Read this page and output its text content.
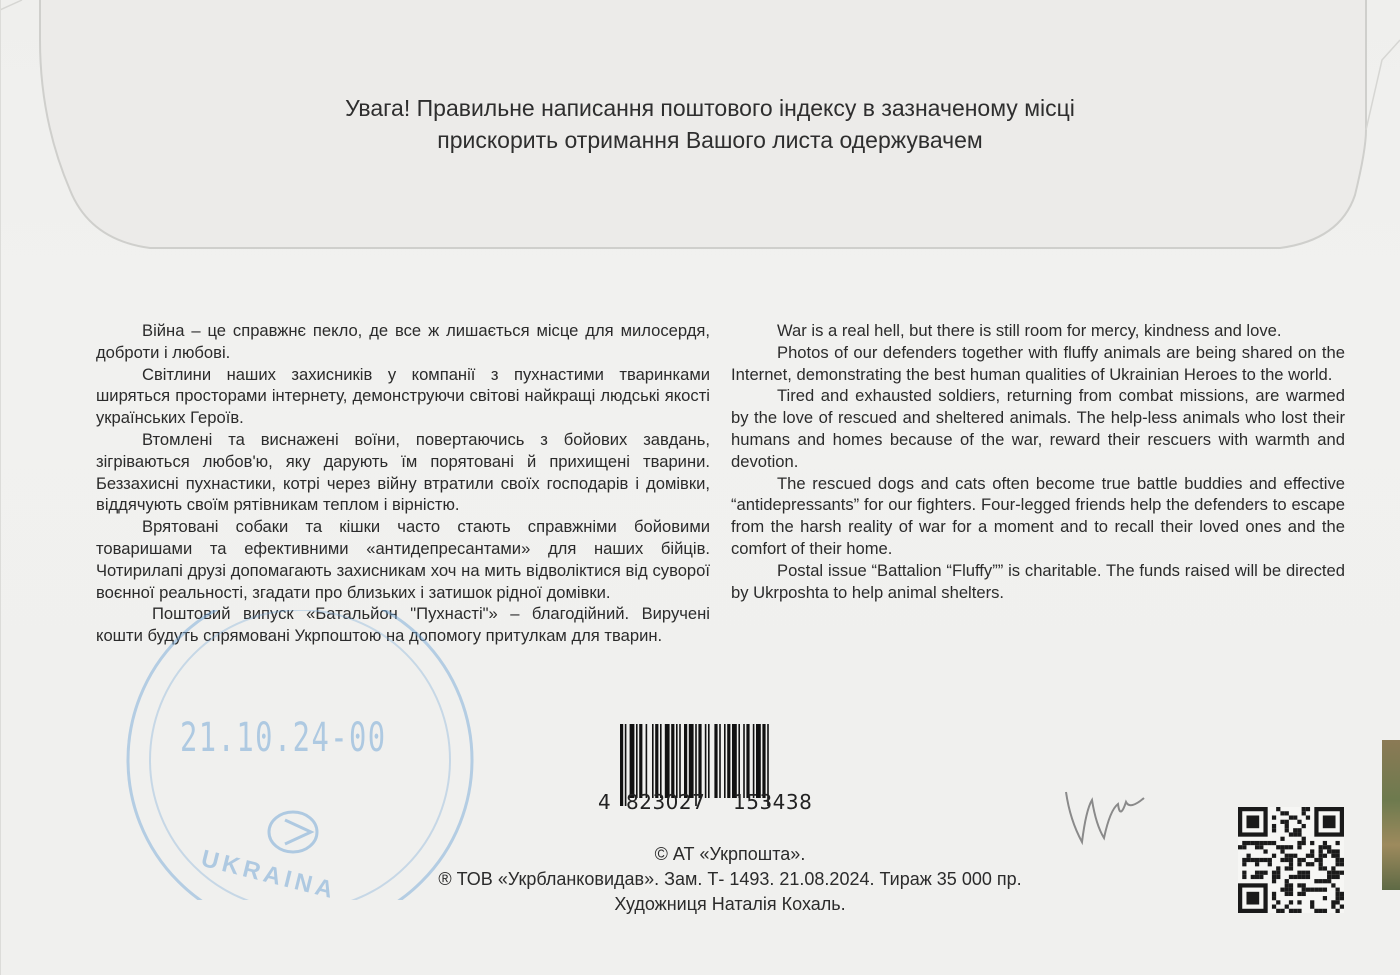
Увага! Правильне написання поштового індексу в зазначеному місці
прискорить отримання Вашого листа одержувачем

Війна – це справжнє пекло, де все ж лишається місце для милосердя, доброти і любові.

Світлини наших захисників у компанії з пухнастими тваринками ширяться просторами інтернету, демонструючи світові найкращі людські якості українських Героїв.

Втомлені та виснажені воїни, повертаючись з бойових завдань, зігріваються любов'ю, яку дарують їм порятовані й прихищені тварини. Беззахисні пухнастики, котрі через війну втратили своїх господарів і домівки, віддячують своїм рятівникам теплом і вірністю.

Врятовані собаки та кішки часто стають справжніми бойовими товаришами та ефективними «антидепресантами» для наших бійців. Чотирилапі друзі допомагають захисникам хоч на мить відволіктися від суворої воєнної реальності, згадати про близьких і затишок рідної домівки.

Поштовий випуск «Батальйон "Пухнасті"» – благодійний. Виручені кошти будуть спрямовані Укрпоштою на допомогу притулкам для тварин.

War is a real hell, but there is still room for mercy, kindness and love.

Photos of our defenders together with fluffy animals are being shared on the Internet, demonstrating the best human qualities of Ukrainian Heroes to the world.

Tired and exhausted soldiers, returning from combat missions, are warmed by the love of rescued and sheltered animals. The help-less animals who lost their humans and homes because of the war, reward their rescuers with warmth and devotion.

The rescued dogs and cats often become true battle buddies and effective “antidepressants” for our fighters. Four-legged friends help the defenders to escape from the harsh reality of war for a moment and to recall their loved ones and the comfort of their home.

Postal issue “Battalion “Fluffy”” is charitable. The funds raised will be directed by Ukrposhta to help animal shelters.

21.10.24-00
UKRAINA
4 823027 153438
© АТ «Укрпошта».
® ТОВ «Укрбланковидав». Зам. Т- 1493. 21.08.2024. Тираж 35 000 пр.
Художниця Наталія Кохаль.
